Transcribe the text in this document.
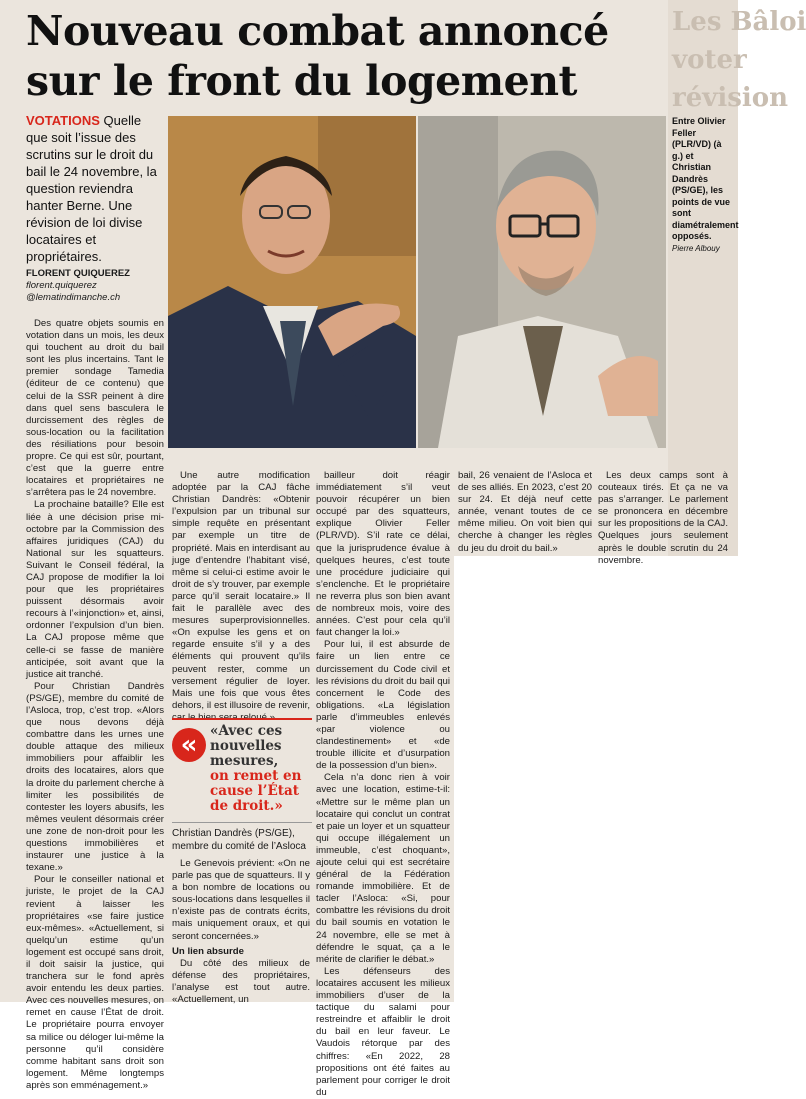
Les Bâloi
voter
révision
Nouveau combat annoncé
sur le front du logement
VOTATIONS Quelle que soit l’issue des scrutins sur le droit du bail le 24 novembre, la question reviendra hanter Berne. Une révision de loi divise locataires et propriétaires.
FLORENT QUIQUEREZ
florent.quiquerez
@lematindimanche.ch
Entre Olivier Feller (PLR/VD) (à g.) et Christian Dandrès (PS/GE), les points de vue sont diamétralement opposés. Pierre Albouy

Des quatre objets soumis en votation dans un mois, les deux qui touchent au droit du bail sont les plus incertains. Tant le premier sondage Tamedia (éditeur de ce contenu) que celui de la SSR peinent à dire dans quel sens basculera le durcissement des règles de sous-location ou la facilitation des résiliations pour besoin propre. Ce qui est sûr, pourtant, c’est que la guerre entre locataires et propriétaires ne s’arrêtera pas le 24 novembre.

La prochaine bataille? Elle est liée à une décision prise mi-octobre par la Commission des affaires juridiques (CAJ) du National sur les squatteurs. Suivant le Conseil fédéral, la CAJ propose de modifier la loi pour que les propriétaires puissent désormais avoir recours à l’«injonction» et, ainsi, ordonner l’expulsion d’un bien. La CAJ propose même que celle-ci se fasse de manière anticipée, soit avant que la justice ait tranché.

Pour Christian Dandrès (PS/GE), membre du comité de l’Asloca, trop, c’est trop. «Alors que nous devons déjà combattre dans les urnes une double attaque des milieux immobiliers pour affaiblir les droits des locataires, alors que la droite du parlement cherche à limiter les possibilités de contester les loyers abusifs, les mêmes veulent désormais créer une zone de non-droit pour les questions immobilières et instaurer une justice à la texane.»

Pour le conseiller national et juriste, le projet de la CAJ revient à laisser les propriétaires «se faire justice eux-mêmes». «Actuellement, si quelqu’un estime qu’un logement est occupé sans droit, il doit saisir la justice, qui tranchera sur le fond après avoir entendu les deux parties. Avec ces nouvelles mesures, on remet en cause l’État de droit. Le propriétaire pourra envoyer sa milice ou déloger lui-même la personne qu’il considère comme habitant sans droit son logement. Même longtemps après son emménagement.»

Une autre modification adoptée par la CAJ fâche Christian Dandrès: «Obtenir l’expulsion par un tribunal sur simple requête en présentant par exemple un titre de propriété. Mais en interdisant au juge d’entendre l’habitant visé, même si celui-ci estime avoir le droit de s’y trouver, par exemple parce qu’il serait locataire.» Il fait le parallèle avec des mesures superprovisionnelles. «On expulse les gens et on regarde ensuite s’il y a des éléments qui prouvent qu’ils peuvent rester, comme un versement régulier de loyer. Mais une fois que vous êtes dehors, il est illusoire de revenir, car le bien sera reloué.»

« «Avec ces nouvelles mesures,
on remet en cause l’État de droit.»
Christian Dandrès (PS/GE), membre du comité de l’Asloca

Le Genevois prévient: «On ne parle pas que de squatteurs. Il y a bon nombre de locations ou sous-locations dans lesquelles il n’existe pas de contrats écrits, mais uniquement oraux, et qui seront concernées.»

Un lien absurde

Du côté des milieux de défense des propriétaires, l’analyse est tout autre. «Actuellement, un

bailleur doit réagir immédiatement s’il veut pouvoir récupérer un bien occupé par des squatteurs, explique Olivier Feller (PLR/VD). S’il rate ce délai, que la jurisprudence évalue à quelques heures, c’est toute une procédure judiciaire qui s’enclenche. Et le propriétaire ne reverra plus son bien avant de nombreux mois, voire des années. C’est pour cela qu’il faut changer la loi.»

Pour lui, il est absurde de faire un lien entre ce durcissement du Code civil et les révisions du droit du bail qui concernent le Code des obligations. «La législation parle d’immeubles enlevés «par violence ou clandestinement» et «de trouble illicite et d’usurpation de la possession d’un bien».

Cela n’a donc rien à voir avec une location, estime-t-il: «Mettre sur le même plan un locataire qui conclut un contrat et paie un loyer et un squatteur qui occupe illégalement un immeuble, c’est choquant», ajoute celui qui est secrétaire général de la Fédération romande immobilière. Et de tacler l’Asloca: «Si, pour combattre les révisions du droit du bail soumis en votation le 24 novembre, elle se met à défendre le squat, ça a le mérite de clarifier le débat.»

Les défenseurs des locataires accusent les milieux immobiliers d’user de la tactique du salami pour restreindre et affaiblir le droit du bail en leur faveur. Le Vaudois rétorque par des chiffres: «En 2022, 28 propositions ont été faites au parlement pour corriger le droit du

bail, 26 venaient de l’Asloca et de ses alliés. En 2023, c’est 20 sur 24. Et déjà neuf cette année, venant toutes de ce même milieu. On voit bien qui cherche à changer les règles du jeu du droit du bail.»

Les deux camps sont à couteaux tirés. Et ça ne va pas s’arranger. Le parlement se prononcera en décembre sur les propositions de la CAJ. Quelques jours seulement après le double scrutin du 24 novembre.
